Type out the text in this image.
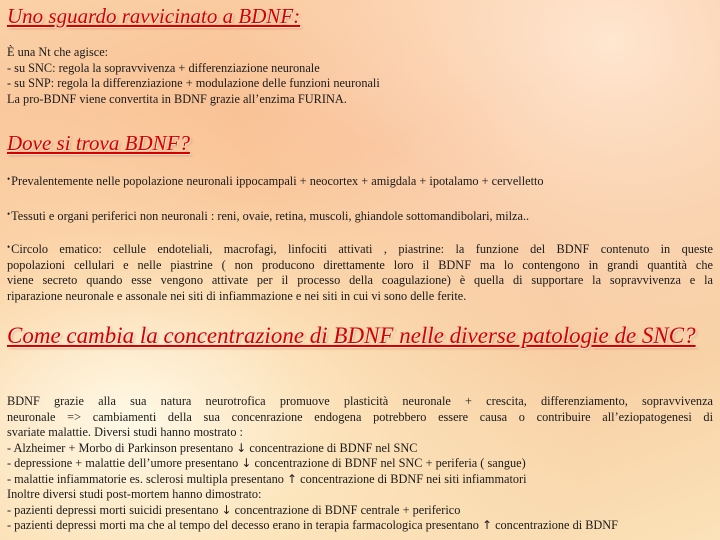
Uno sguardo ravvicinato a BDNF:
È una Nt che agisce:
- su SNC: regola la sopravvivenza + differenziazione neuronale
- su SNP: regola la differenziazione + modulazione delle funzioni neuronali
La pro-BDNF viene convertita in BDNF grazie all’enzima FURINA.
Dove si trova BDNF?
•Prevalentemente nelle popolazione neuronali ippocampali + neocortex + amigdala + ipotalamo + cervelletto
•Tessuti e organi periferici non neuronali : reni, ovaie, retina, muscoli, ghiandole sottomandibolari, milza..
•Circolo ematico: cellule endoteliali, macrofagi, linfociti attivati , piastrine: la funzione del BDNF contenuto in queste
popolazioni cellulari e nelle piastrine ( non producono direttamente loro il BDNF ma lo contengono in grandi quantità che
viene secreto quando esse vengono attivate per il processo della coagulazione) è quella di supportare la sopravvivenza e la
riparazione neuronale e assonale nei siti di infiammazione e nei siti in cui vi sono delle ferite.
Come cambia la concentrazione di BDNF nelle diverse patologie de SNC?
BDNF grazie alla sua natura neurotrofica promuove plasticità neuronale + crescita, differenziamento, sopravvivenza
neuronale => cambiamenti della sua concenrazione endogena potrebbero essere causa o contribuire all’eziopatogenesi di
svariate malattie. Diversi studi hanno mostrato :
- Alzheimer + Morbo di Parkinson presentano ↓ concentrazione di BDNF nel SNC
- depressione + malattie dell’umore presentano ↓ concentrazione di BDNF nel SNC + periferia ( sangue)
- malattie infiammatorie es. sclerosi multipla presentano ↑ concentrazione di BDNF nei siti infiammatori
Inoltre diversi studi post-mortem hanno dimostrato:
- pazienti depressi morti suicidi presentano ↓ concentrazione di BDNF centrale + periferico
- pazienti depressi morti ma che al tempo del decesso erano in terapia farmacologica presentano ↑ concentrazione di BDNF
